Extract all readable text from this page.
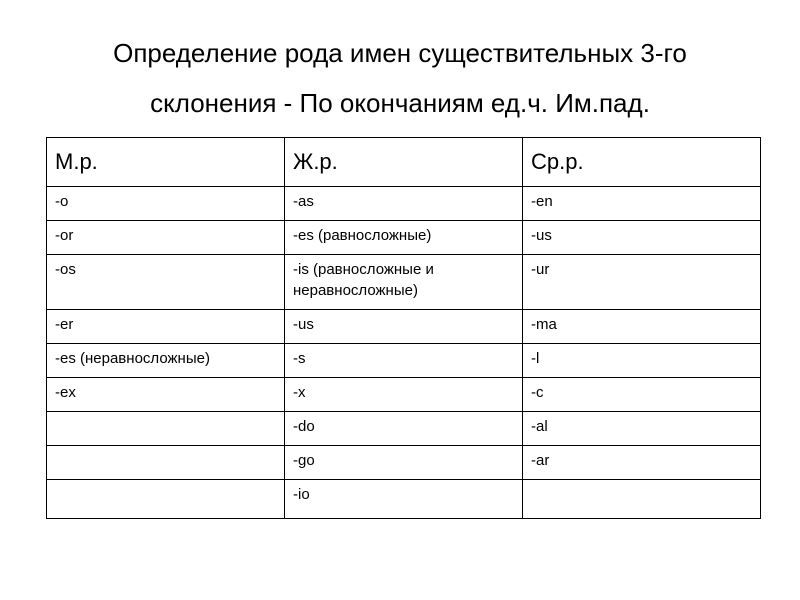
Определение рода имен существительных 3-го
склонения - По окончаниям ед.ч. Им.пад.
М.р.	Ж.р.	Ср.р.
-o	-as	-en
-or	-es (равносложные)	-us
-os	-is (равносложные и неравносложные)	-ur
-er	-us	-ma
-es (неравносложные)	-s	-l
-ex	-x	-c
	-do	-al
	-go	-ar
	-io	
